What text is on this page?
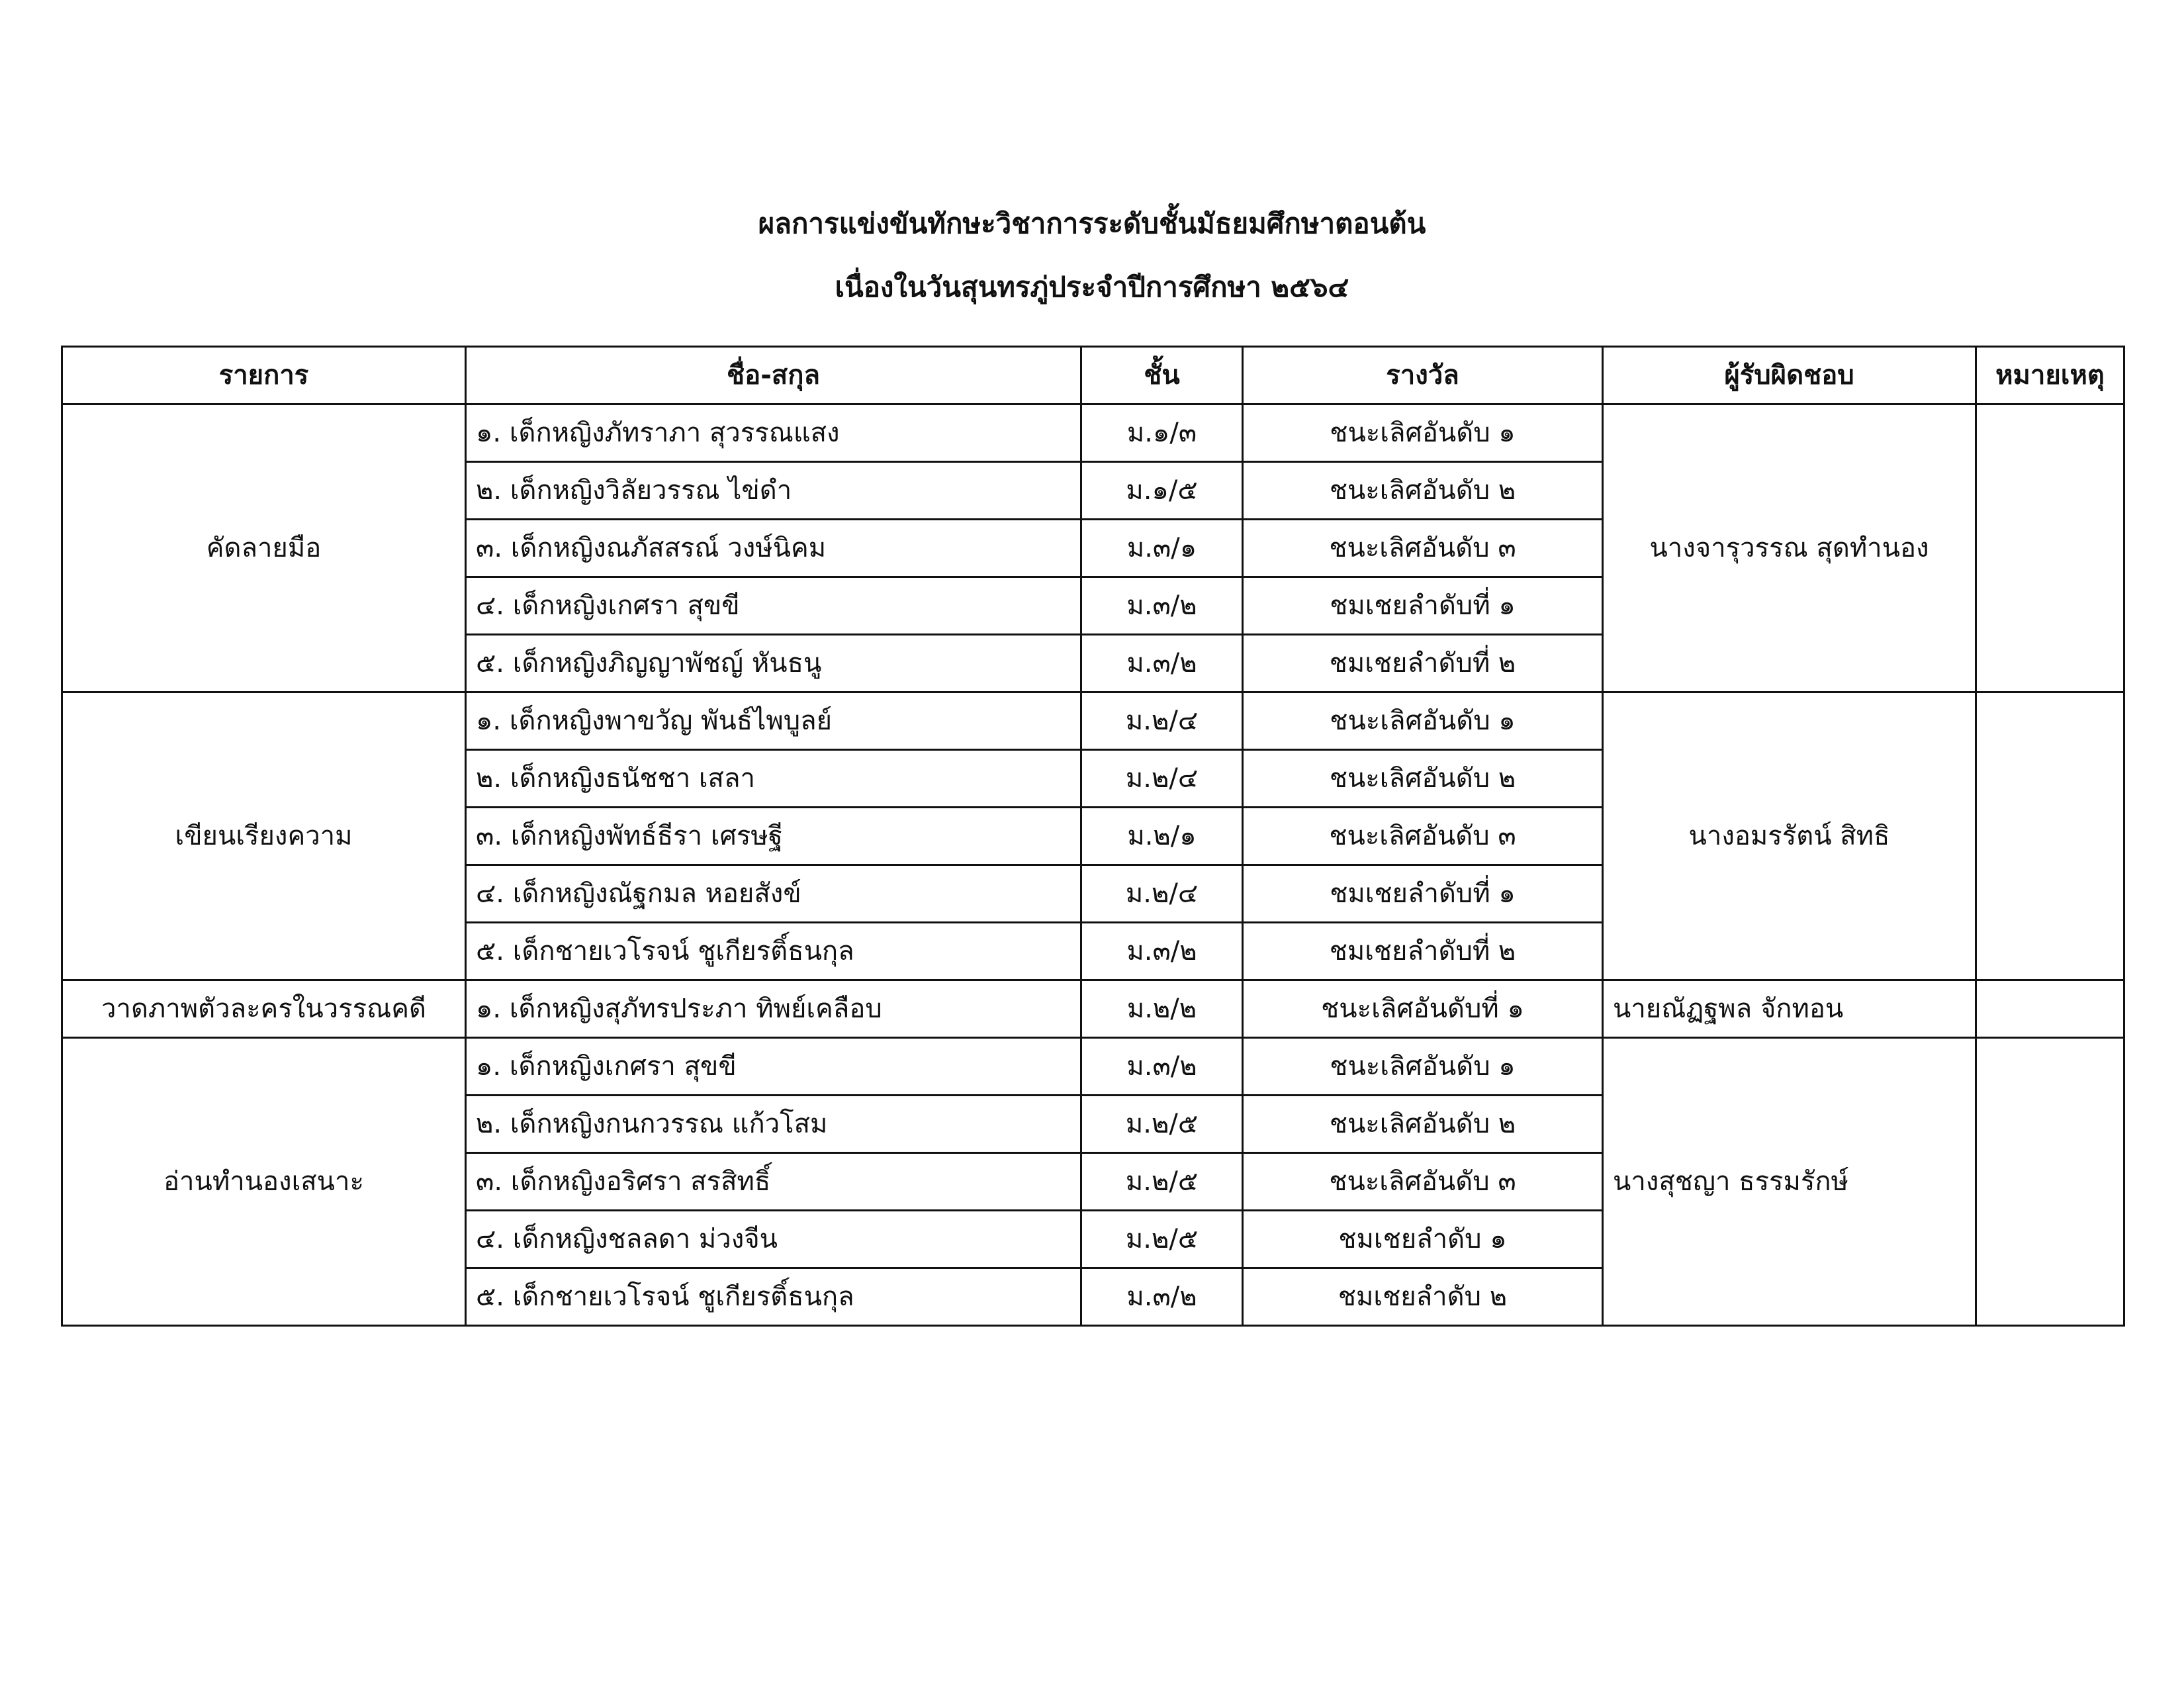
ผลการแข่งขันทักษะวิชาการระดับชั้นมัธยมศึกษาตอนต้น
เนื่องในวันสุนทรภู่ประจำปีการศึกษา ๒๕๖๔
รายการ	ชื่อ-สกุล	ชั้น	รางวัล	ผู้รับผิดชอบ	หมายเหตุ
คัดลายมือ	๑. เด็กหญิงภัทราภา สุวรรณแสง	ม.๑/๓	ชนะเลิศอันดับ ๑	นางจารุวรรณ สุดทำนอง	
	๒. เด็กหญิงวิลัยวรรณ ไข่ดำ	ม.๑/๕	ชนะเลิศอันดับ ๒		
	๓. เด็กหญิงณภัสสรณ์ วงษ์นิคม	ม.๓/๑	ชนะเลิศอันดับ ๓		
	๔. เด็กหญิงเกศรา สุขขี	ม.๓/๒	ชมเชยลำดับที่ ๑		
	๕. เด็กหญิงภิญญาพัชญ์ หันธนู	ม.๓/๒	ชมเชยลำดับที่ ๒		
เขียนเรียงความ	๑. เด็กหญิงพาขวัญ พันธ์ไพบูลย์	ม.๒/๔	ชนะเลิศอันดับ ๑	นางอมรรัตน์ สิทธิ	
	๒. เด็กหญิงธนัชชา เสลา	ม.๒/๔	ชนะเลิศอันดับ ๒		
	๓. เด็กหญิงพัทธ์ธีรา เศรษฐี	ม.๒/๑	ชนะเลิศอันดับ ๓		
	๔. เด็กหญิงณัฐกมล หอยสังข์	ม.๒/๔	ชมเชยลำดับที่ ๑		
	๕. เด็กชายเวโรจน์ ชูเกียรติ์ธนกุล	ม.๓/๒	ชมเชยลำดับที่ ๒		
วาดภาพตัวละครในวรรณคดี	๑. เด็กหญิงสุภัทรประภา ทิพย์เคลือบ	ม.๒/๒	ชนะเลิศอันดับที่ ๑	นายณัฏฐพล จักทอน	
อ่านทำนองเสนาะ	๑. เด็กหญิงเกศรา สุขขี	ม.๓/๒	ชนะเลิศอันดับ ๑	นางสุชญา ธรรมรักษ์	
	๒. เด็กหญิงกนกวรรณ แก้วโสม	ม.๒/๕	ชนะเลิศอันดับ ๒		
	๓. เด็กหญิงอริศรา สรสิทธิ์	ม.๒/๕	ชนะเลิศอันดับ ๓		
	๔. เด็กหญิงชลลดา ม่วงจีน	ม.๒/๕	ชมเชยลำดับ ๑		
	๕. เด็กชายเวโรจน์ ชูเกียรติ์ธนกุล	ม.๓/๒	ชมเชยลำดับ ๒		
